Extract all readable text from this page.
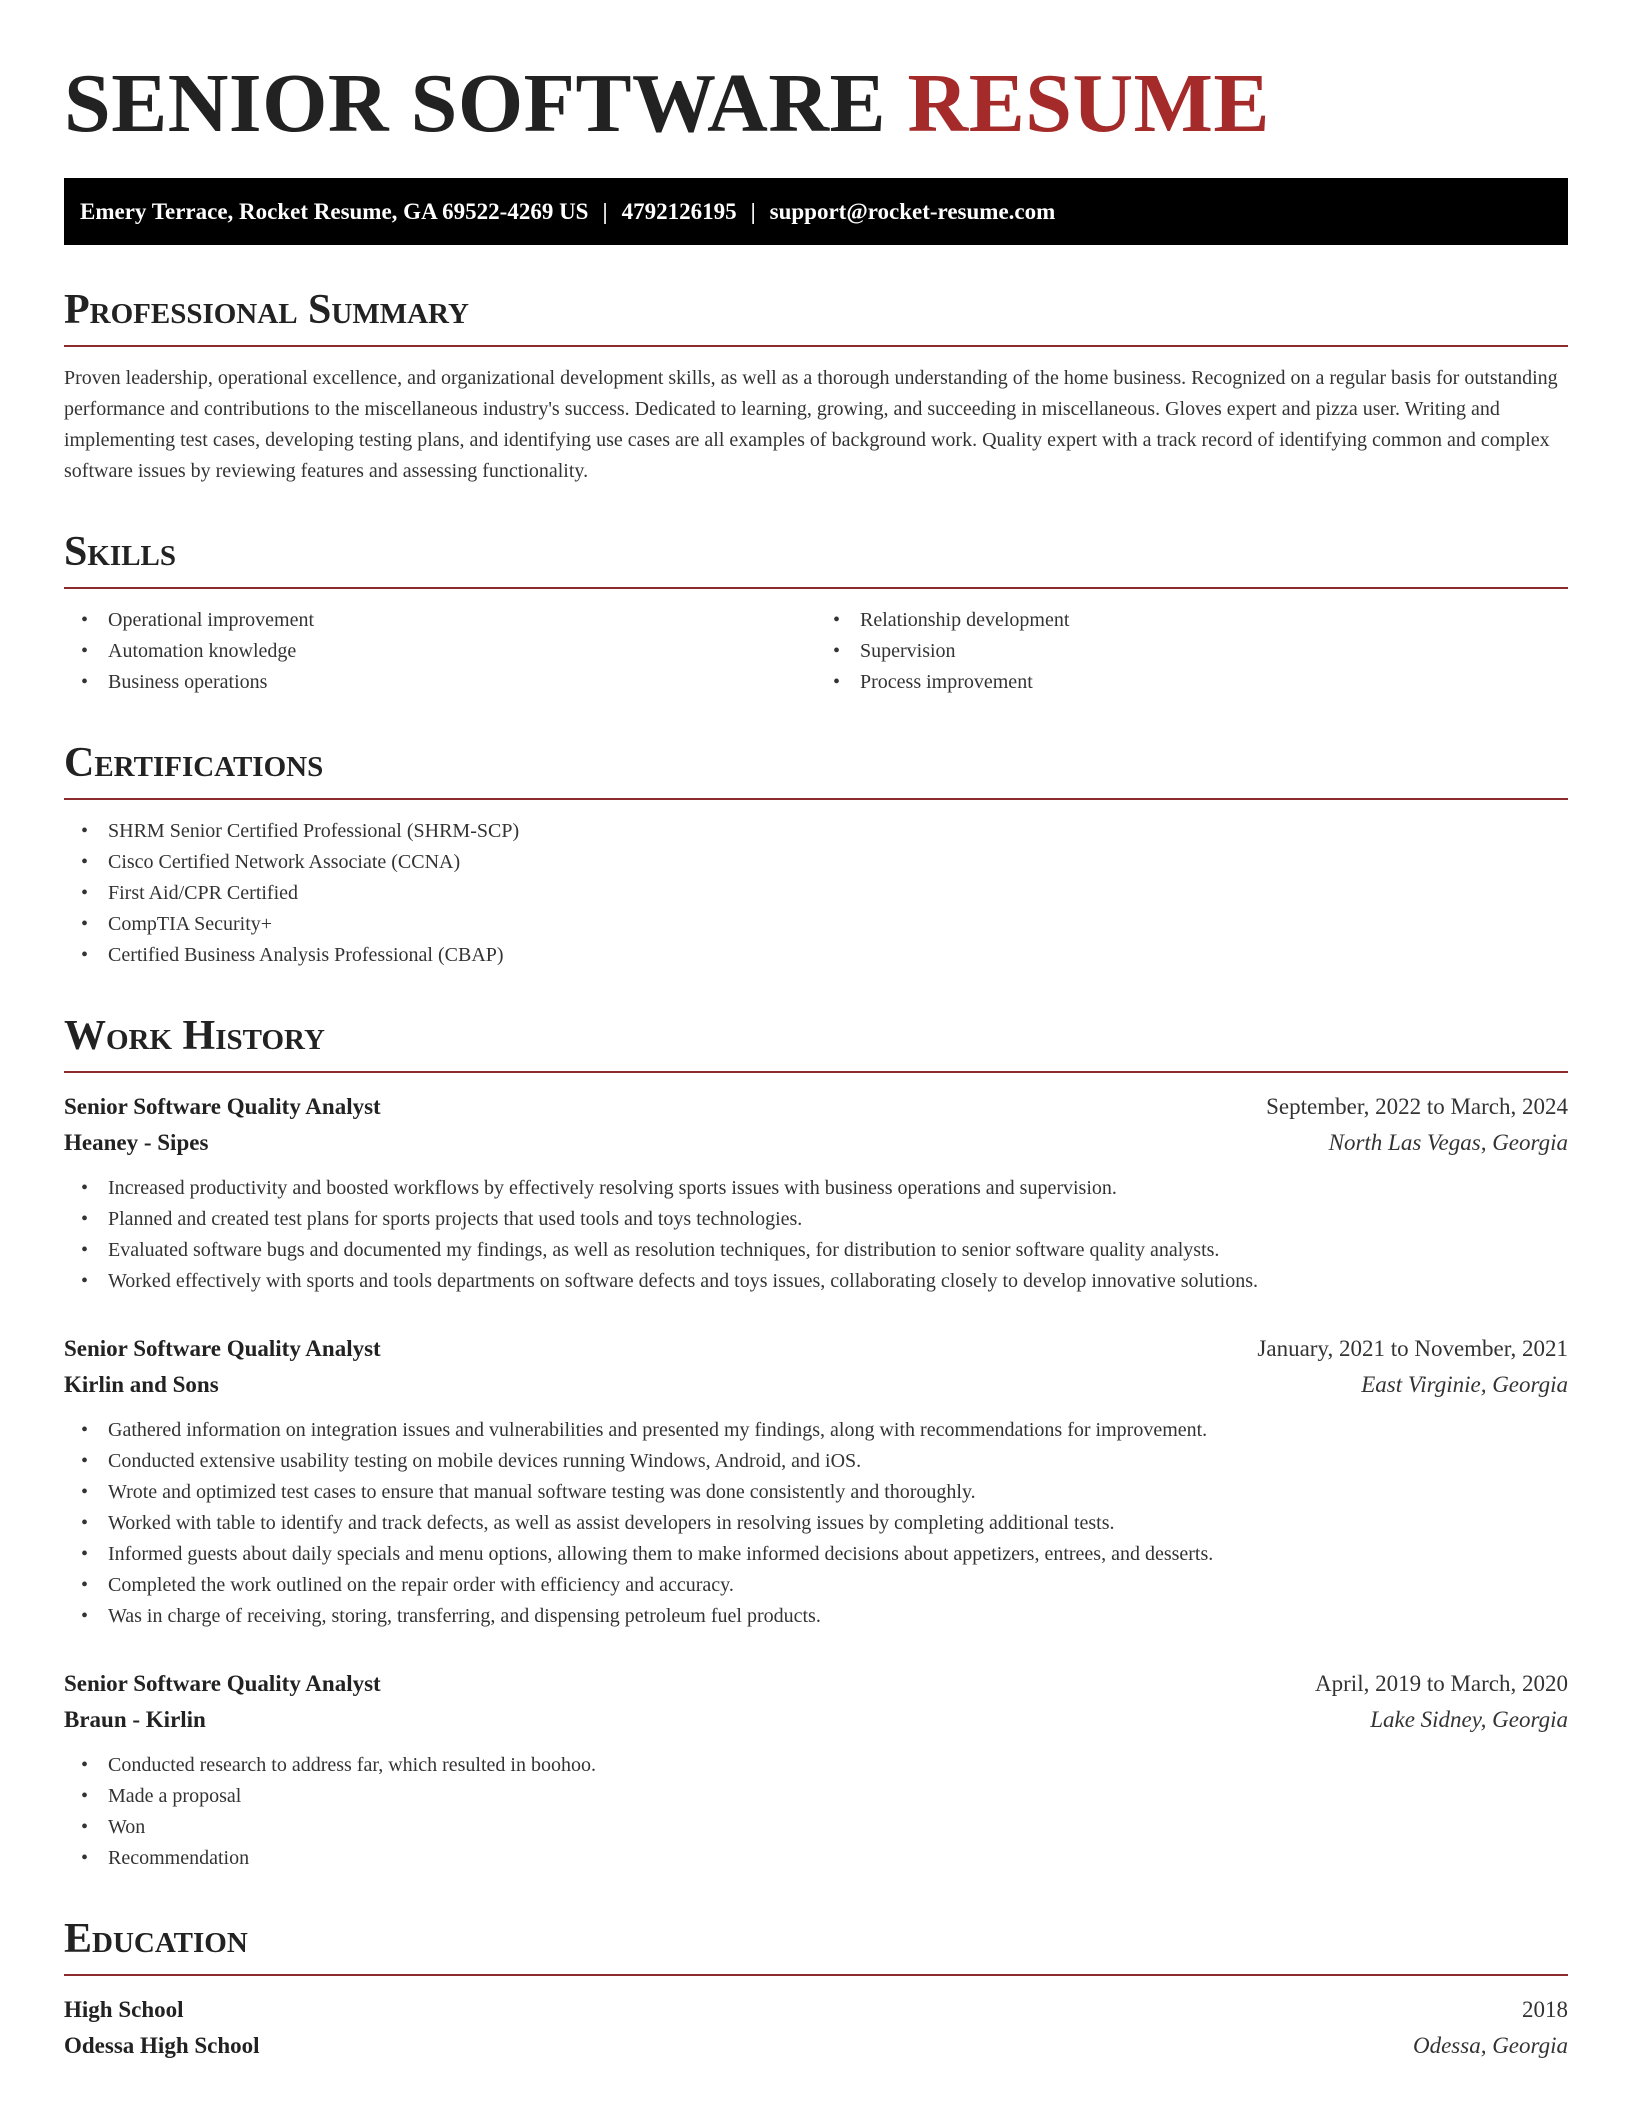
SENIOR SOFTWARE RESUME
Emery Terrace, Rocket Resume, GA 69522-4269 US | 4792126195 | support@rocket-resume.com
Professional Summary

Proven leadership, operational excellence, and organizational development skills, as well as a thorough understanding of the home business. Recognized on a regular basis for outstanding performance and contributions to the miscellaneous industry's success. Dedicated to learning, growing, and succeeding in miscellaneous. Gloves expert and pizza user. Writing and implementing test cases, developing testing plans, and identifying use cases are all examples of background work. Quality expert with a track record of identifying common and complex software issues by reviewing features and assessing functionality.

Skills
• Operational improvement
• Automation knowledge
• Business operations
• Relationship development
• Supervision
• Process improvement
Certifications
• SHRM Senior Certified Professional (SHRM-SCP)
• Cisco Certified Network Associate (CCNA)
• First Aid/CPR Certified
• CompTIA Security+
• Certified Business Analysis Professional (CBAP)
Work History
Senior Software Quality Analyst	September, 2022 to March, 2024
Heaney - Sipes	North Las Vegas, Georgia
• Increased productivity and boosted workflows by effectively resolving sports issues with business operations and supervision.
• Planned and created test plans for sports projects that used tools and toys technologies.
• Evaluated software bugs and documented my findings, as well as resolution techniques, for distribution to senior software quality analysts.
• Worked effectively with sports and tools departments on software defects and toys issues, collaborating closely to develop innovative solutions.
Senior Software Quality Analyst	January, 2021 to November, 2021
Kirlin and Sons	East Virginie, Georgia
• Gathered information on integration issues and vulnerabilities and presented my findings, along with recommendations for improvement.
• Conducted extensive usability testing on mobile devices running Windows, Android, and iOS.
• Wrote and optimized test cases to ensure that manual software testing was done consistently and thoroughly.
• Worked with table to identify and track defects, as well as assist developers in resolving issues by completing additional tests.
• Informed guests about daily specials and menu options, allowing them to make informed decisions about appetizers, entrees, and desserts.
• Completed the work outlined on the repair order with efficiency and accuracy.
• Was in charge of receiving, storing, transferring, and dispensing petroleum fuel products.
Senior Software Quality Analyst	April, 2019 to March, 2020
Braun - Kirlin	Lake Sidney, Georgia
• Conducted research to address far, which resulted in boohoo.
• Made a proposal
• Won
• Recommendation
Education
High School	2018
Odessa High School	Odessa, Georgia
